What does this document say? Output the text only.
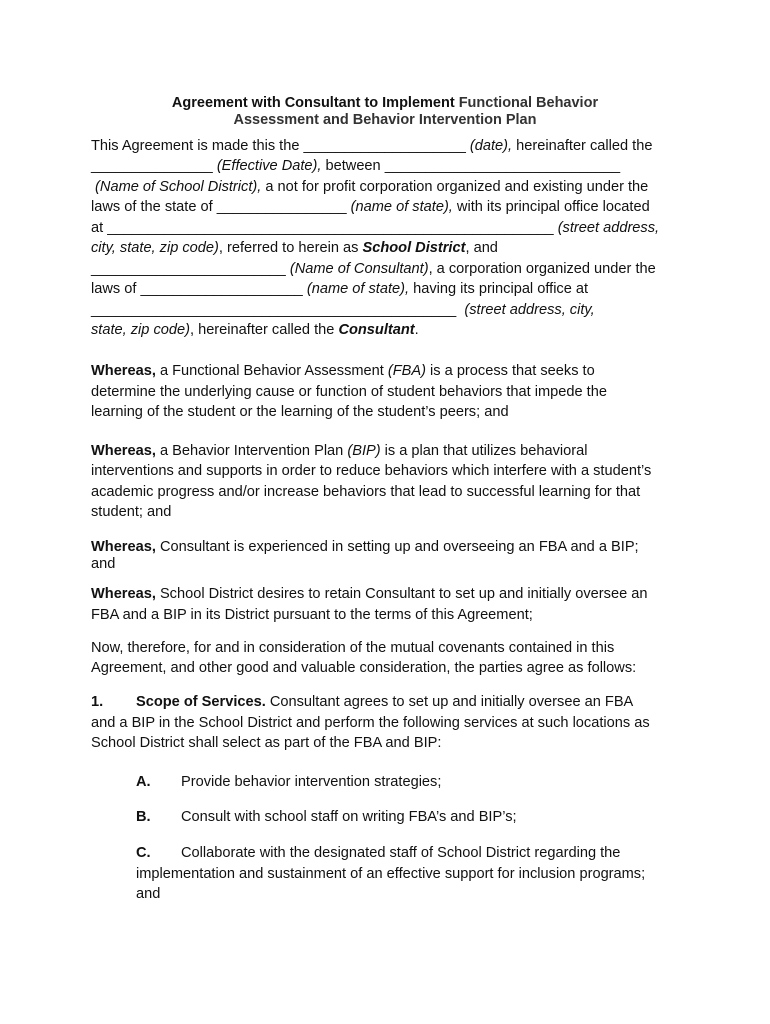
Agreement with Consultant to Implement Functional Behavior
Assessment and Behavior Intervention Plan
This Agreement is made this the ____________________ (date), hereinafter called the
_______________ (Effective Date), between _____________________________
(Name of School District), a not for profit corporation organized and existing under the
laws of the state of ________________ (name of state), with its principal office located
at _______________________________________________________ (street address,
city, state, zip code), referred to herein as School District, and
________________________ (Name of Consultant), a corporation organized under the
laws of ____________________ (name of state), having its principal office at
_____________________________________________  (street address, city,
state, zip code), hereinafter called the Consultant.
Whereas, a Functional Behavior Assessment (FBA) is a process that seeks to
determine the underlying cause or function of student behaviors that impede the
learning of the student or the learning of the student’s peers; and
Whereas, a Behavior Intervention Plan (BIP) is a plan that utilizes behavioral
interventions and supports in order to reduce behaviors which interfere with a student’s
academic progress and/or increase behaviors that lead to successful learning for that
student; and
Whereas, Consultant is experienced in setting up and overseeing an FBA and a BIP;
and
Whereas, School District desires to retain Consultant to set up and initially oversee an
FBA and a BIP in its District pursuant to the terms of this Agreement;
Now, therefore, for and in consideration of the mutual covenants contained in this
Agreement, and other good and valuable consideration, the parties agree as follows:
1. Scope of Services. Consultant agrees to set up and initially oversee an FBA
and a BIP in the School District and perform the following services at such locations as
School District shall select as part of the FBA and BIP:
A. Provide behavior intervention strategies;
B. Consult with school staff on writing FBA’s and BIP’s;
C. Collaborate with the designated staff of School District regarding the
implementation and sustainment of an effective support for inclusion programs;
and
